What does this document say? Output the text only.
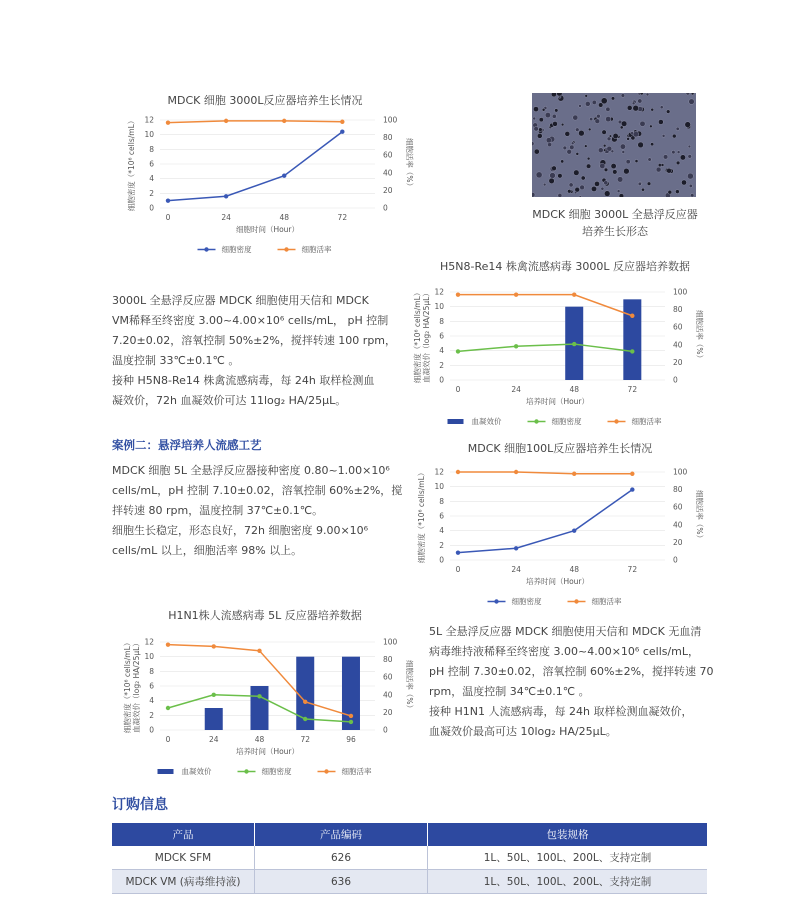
MDCK 细胞 3000L反应器培养生长情况
0
2
4
6
8
10
12
0
20
40
60
80
100
0	24	48	72
细胞时间（Hour）
细胞密度（*10⁶ cells/mL）	细胞活率（%）
细胞密度	细胞活率
MDCK 细胞 3000L 全悬浮反应器
培养生长形态
H5N8-Re14 株禽流感病毒 3000L 反应器培养数据
0
2
4
6
8
10
12
0
20
40
60
80
100
0	24	48	72
培养时间（Hour）
细胞密度（*10⁶ cells/mL） 血凝效价（log₂ HA/25μL）	细胞活率（%）
血凝效价	细胞密度	细胞活率

3000L 全悬浮反应器 MDCK 细胞使用天信和 MDCK

VM稀释至终密度 3.00~4.00×10⁶ cells/mL， pH 控制

7.20±0.02，溶氧控制 50%±2%，搅拌转速 100 rpm，

温度控制 33℃±0.1℃ 。

接种 H5N8-Re14 株禽流感病毒，每 24h 取样检测血

凝效价，72h 血凝效价可达 11log₂ HA/25μL。

案例二：悬浮培养人流感工艺

MDCK 细胞 5L 全悬浮反应器接种密度 0.80~1.00×10⁶

cells/mL，pH 控制 7.10±0.02，溶氧控制 60%±2%，搅

拌转速 80 rpm，温度控制 37℃±0.1℃。

细胞生长稳定，形态良好，72h 细胞密度 9.00×10⁶

cells/mL 以上，细胞活率 98% 以上。

MDCK 细胞100L反应器培养生长情况
0
2
4
6
8
10
12
0
20
40
60
80
100
0	24	48	72
培养时间（Hour）
细胞密度（*10⁶ cells/mL）	细胞活率（%）
细胞密度	细胞活率
H1N1株人流感病毒 5L 反应器培养数据
0
2
4
6
8
10
12
0
20
40
60
80
100
0	24	48	72	96
培养时间（Hour）
细胞密度（*10⁶ cells/mL） 血凝效价（log₂ HA/25μL）	细胞活率（%）
血凝效价	细胞密度	细胞活率

5L 全悬浮反应器 MDCK 细胞使用天信和 MDCK 无血清

病毒维持液稀释至终密度 3.00~4.00×10⁶ cells/mL，

pH 控制 7.30±0.02，溶氧控制 60%±2%，搅拌转速 70

rpm，温度控制 34℃±0.1℃ 。

接种 H1N1 人流感病毒，每 24h 取样检测血凝效价，

血凝效价最高可达 10log₂ HA/25μL。

订购信息
产品	产品编码	包装规格
MDCK SFM	626	1L、50L、100L、200L、支持定制
MDCK VM (病毒维持液)	636	1L、50L、100L、200L、支持定制
